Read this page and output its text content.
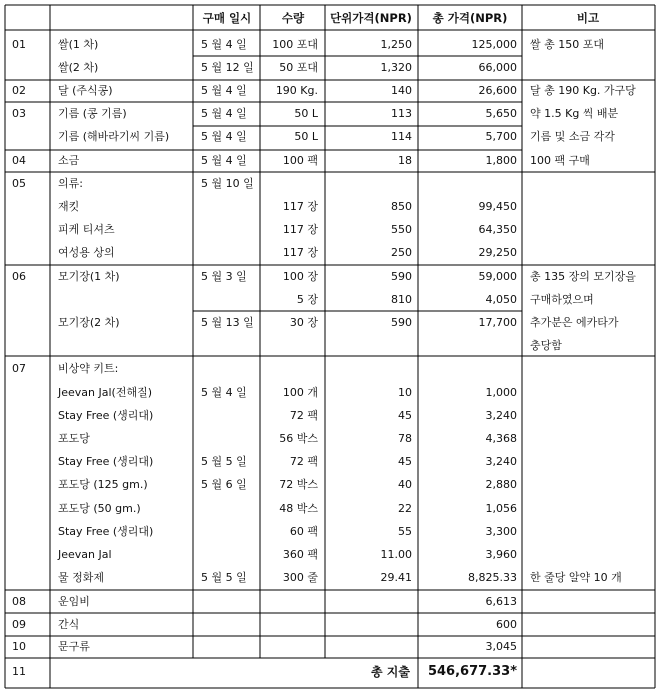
구매 일시	수량 단위가격(NPR) 총 가격(NPR)	비고
01
02
03
04
05
06
07
08
09
10
11
쌀(1 차)
쌀(2 차)
달 (주식콩)
기름 (콩 기름)
기름 (해바라기씨 기름)
소금
의류:
재킷
피케 티셔츠
여성용 상의
모기장(1 차)
모기장(2 차)
비상약 키트:
Jeevan Jal(전해질)
Stay Free (생리대)
포도당
Stay Free (생리대)
포도당 (125 gm.)
포도당 (50 gm.)
Stay Free (생리대)
Jeevan Jal
물 정화제
운임비
간식
문구류
5 월 4 일
5 월 12 일
5 월 4 일
5 월 4 일
5 월 4 일
5 월 4 일
5 월 10 일
5 월 3 일
5 월 13 일
5 월 4 일
5 월 5 일
5 월 6 일
5 월 5 일
100 포대
50 포대
190 Kg.
50 L
50 L
100 팩
117 장
117 장
117 장
100 장
5 장
30 장
100 개
72 팩
56 박스
72 팩
72 박스
48 박스
60 팩
360 팩
300 줄
1,250
1,320
140
113
114
18
850
550
250
590
810
590
10
45
78
45
40
22
55
11.00
29.41
125,000
66,000
26,600
5,650
5,700
1,800
99,450
64,350
29,250
59,000
4,050
17,700
1,000
3,240
4,368
3,240
2,880
1,056
3,300
3,960
8,825.33
6,613
600
3,045
쌀 총 150 포대
달 총 190 Kg. 가구당
약 1.5 Kg 씩 배분
기름 및 소금 각각
100 팩 구매
총 135 장의 모기장을
구매하였으며
추가분은 에카타가
충당함
한 줄당 알약 10 개
총 지출 546,677.33*
